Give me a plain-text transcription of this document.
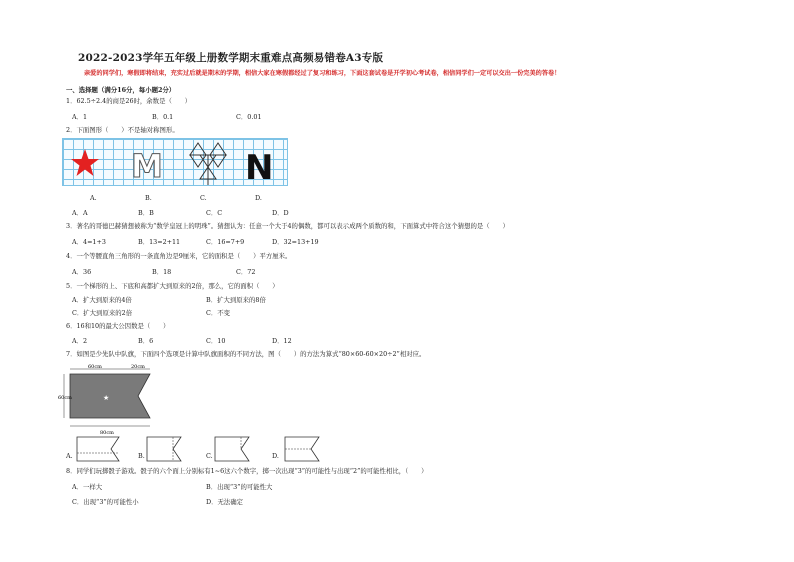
2022-2023学年五年级上册数学期末重难点高频易错卷A3专版
亲爱的同学们，寒假即将结束，充实过后就是期末的学期，相信大家在寒假都经过了复习和练习，下面这套试卷是开学初心考试卷，相信同学们一定可以交出一份完美的答卷！
一、选择题（满分16分，每小题2分）
1．62.5÷2.4的商是26时，余数是（　　）
A．1	B．0.1	C．0.01
2．下面图形（　　）不是轴对称图形。
M N
A.	B.	C.	D.
A．A	B．B	C．C	D．D
3．著名的哥德巴赫猜想被称为“数学皇冠上的明珠”。猜想认为：任意一个大于4的偶数，都可以表示成两个质数的和，下面算式中符合这个猜想的是（　　）
A．4=1+3	B．13=2+11	C．16=7+9	D．32=13+19
4．一个等腰直角三角形的一条直角边是9厘米，它的面积是（　　）平方厘米。
A．36	B．18	C．72
5．一个梯形的上、下底和高都扩大到原来的2倍，那么，它的面积（　　）
A．扩大到原来的4倍	B．扩大到原来的8倍
C．扩大到原来的2倍	C．不变
6．16和10的最大公因数是（　　）
A．2	B．6	C．10	D．12
7．如图是少先队中队旗，下面四个选项是计算中队旗面积的不同方法，图（　　）的方法为算式“80×60-60×20÷2”相对应。
★
60cm	20cm
60cm
80cm
A.	B.	C.	D.
8．同学们玩掷骰子游戏。骰子的六个面上分别标有1~6这六个数字，掷一次出现“3”的可能性与出现“2”的可能性相比，（　　）
A．一样大	B．出现“3”的可能性大
C．出现“3”的可能性小	D．无法确定
